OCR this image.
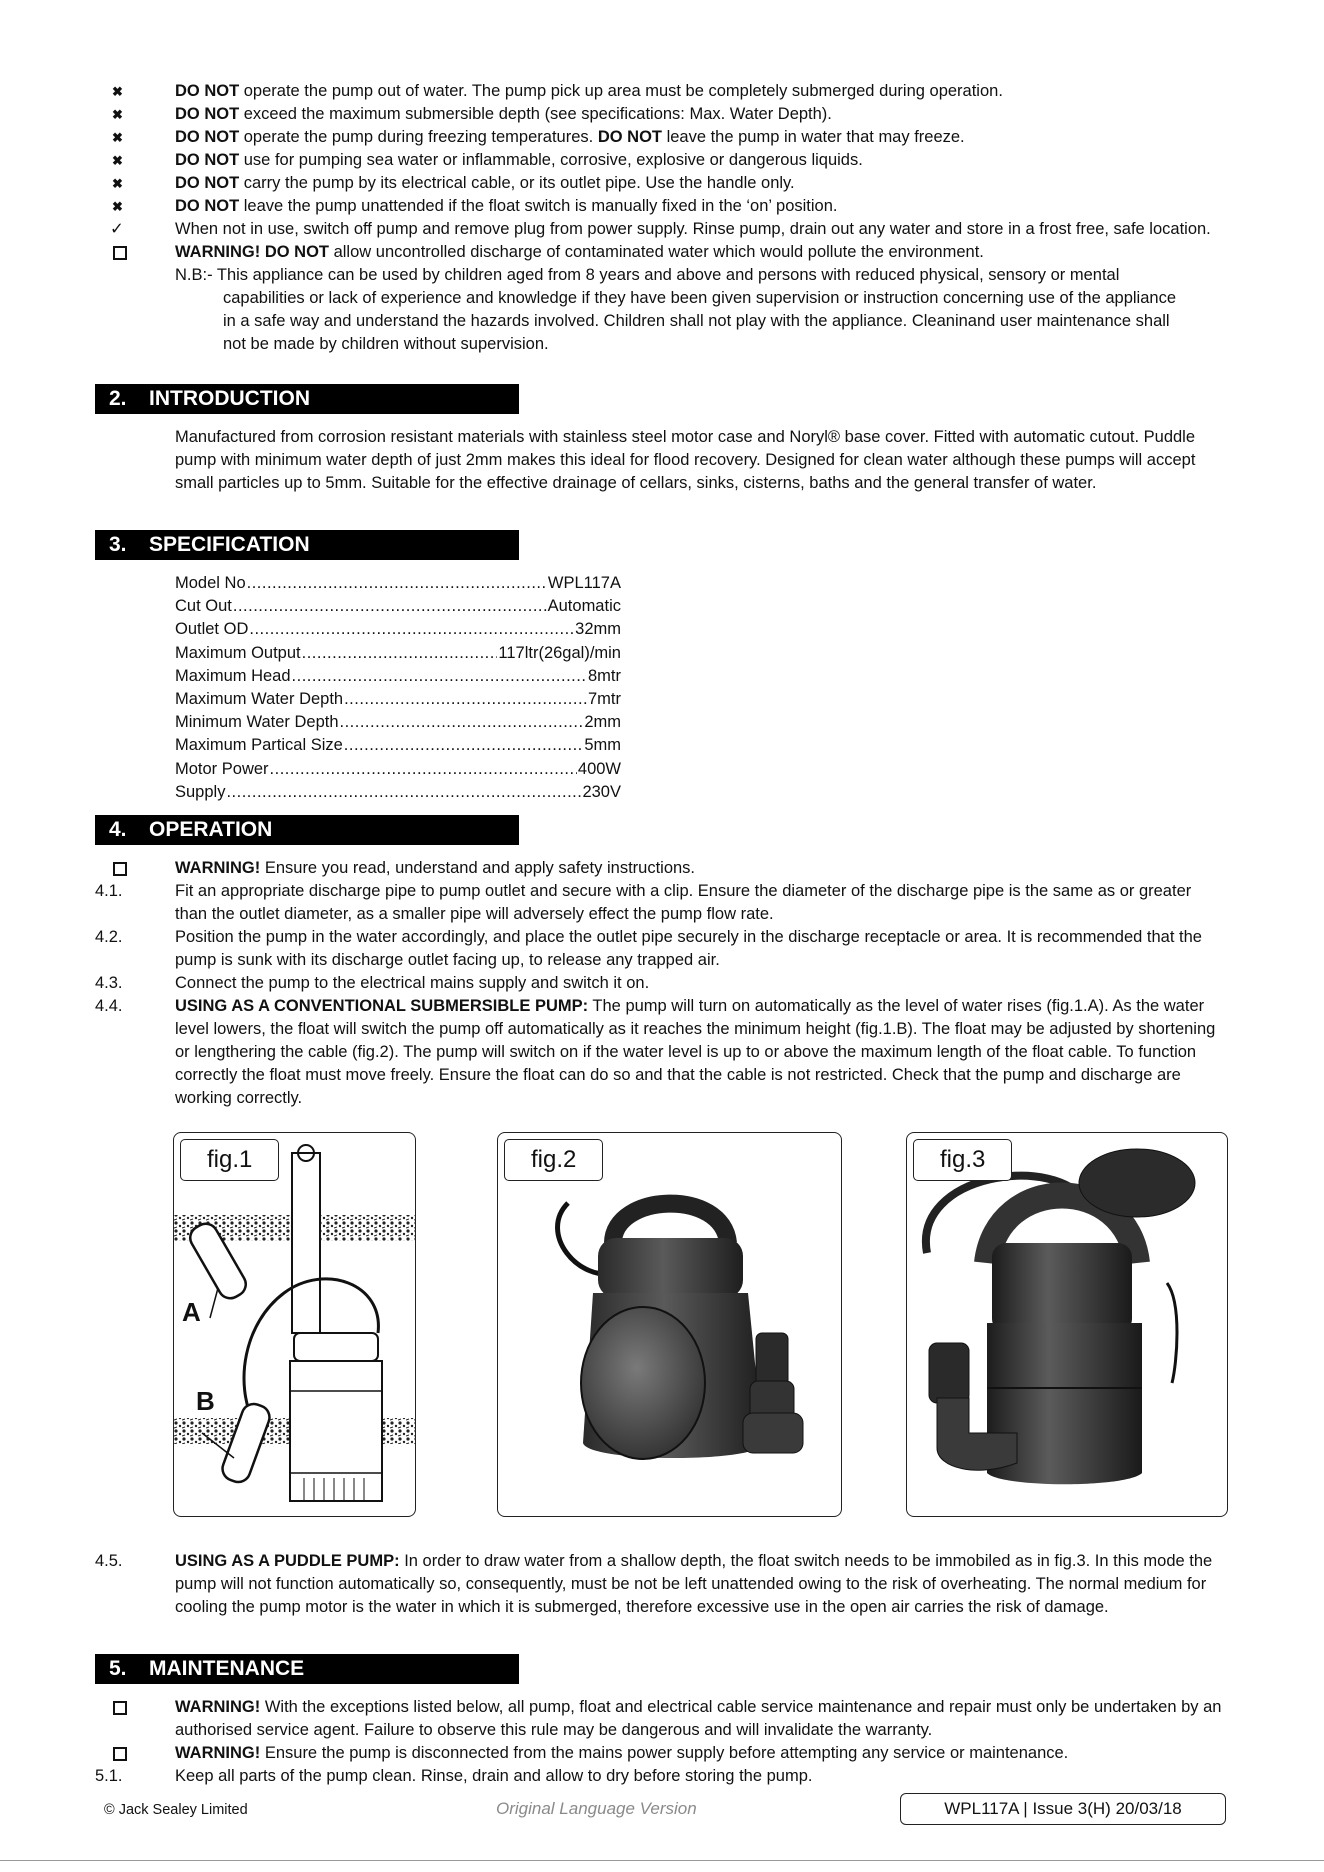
✖	DO NOT operate the pump out of water. The pump pick up area must be completely submerged during operation.
✖	DO NOT exceed the maximum submersible depth (see specifications: Max. Water Depth).
✖	DO NOT operate the pump during freezing temperatures. DO NOT leave the pump in water that may freeze.
✖	DO NOT use for pumping sea water or inflammable, corrosive, explosive or dangerous liquids.
✖	DO NOT carry the pump by its electrical cable, or its outlet pipe. Use the handle only.
✖	DO NOT leave the pump unattended if the float switch is manually fixed in the ‘on’ position.
✓	When not in use, switch off pump and remove plug from power supply. Rinse pump, drain out any water and store in a frost free, safe location.
WARNING! DO NOT allow uncontrolled discharge of contaminated water which would pollute the environment.
N.B:- This appliance can be used by children aged from 8 years and above and persons with reduced physical, sensory or mental
capabilities or lack of experience and knowledge if they have been given supervision or instruction concerning use of the appliance in a safe way and understand the hazards involved. Children shall not play with the appliance. Cleaninand user maintenance shall not be made by children without supervision.
2. INTRODUCTION
Manufactured from corrosion resistant materials with stainless steel motor case and Noryl® base cover. Fitted with automatic cutout. Puddle pump with minimum water depth of just 2mm makes this ideal for flood recovery. Designed for clean water although these pumps will accept small particles up to 5mm. Suitable for the effective drainage of cellars, sinks, cisterns, baths and the general transfer of water.
3. SPECIFICATION
Model No .....	WPL117A
Cut Out .....	Automatic
Outlet OD .....	32mm
Maximum Output .....	117ltr(26gal)/min
Maximum Head .....	8mtr
Maximum Water Depth .....	7mtr
Minimum Water Depth .....	2mm
Maximum Partical Size .....	5mm
Motor Power .....	400W
Supply .....	230V
4. OPERATION
WARNING! Ensure you read, understand and apply safety instructions.
4.1.	Fit an appropriate discharge pipe to pump outlet and secure with a clip. Ensure the diameter of the discharge pipe is the same as or greater than the outlet diameter, as a smaller pipe will adversely effect the pump flow rate.
4.2.	Position the pump in the water accordingly, and place the outlet pipe securely in the discharge receptacle or area. It is recommended that the pump is sunk with its discharge outlet facing up, to release any trapped air.
4.3.	Connect the pump to the electrical mains supply and switch it on.
4.4.	USING AS A CONVENTIONAL SUBMERSIBLE PUMP: The pump will turn on automatically as the level of water rises (fig.1.A). As the water level lowers, the float will switch the pump off automatically as it reaches the minimum height (fig.1.B). The float may be adjusted by shortening or lengthering the cable (fig.2). The pump will switch on if the water level is up to or above the maximum length of the float cable. To function correctly the float must move freely. Ensure the float can do so and that the cable is not restricted. Check that the pump and discharge are working correctly.
fig.1
A
B
fig.2	fig.3
4.5.	USING AS A PUDDLE PUMP: In order to draw water from a shallow depth, the float switch needs to be immobiled as in fig.3. In this mode the pump will not function automatically so, consequently, must be not be left unattended owing to the risk of overheating. The normal medium for cooling the pump motor is the water in which it is submerged, therefore excessive use in the open air carries the risk of damage.
5. MAINTENANCE
WARNING! With the exceptions listed below, all pump, float and electrical cable service maintenance and repair must only be undertaken by an authorised service agent. Failure to observe this rule may be dangerous and will invalidate the warranty.
WARNING! Ensure the pump is disconnected from the mains power supply before attempting any service or maintenance.
5.1.	Keep all parts of the pump clean. Rinse, drain and allow to dry before storing the pump.
© Jack Sealey Limited	Original Language Version	WPL117A | Issue 3(H) 20/03/18
